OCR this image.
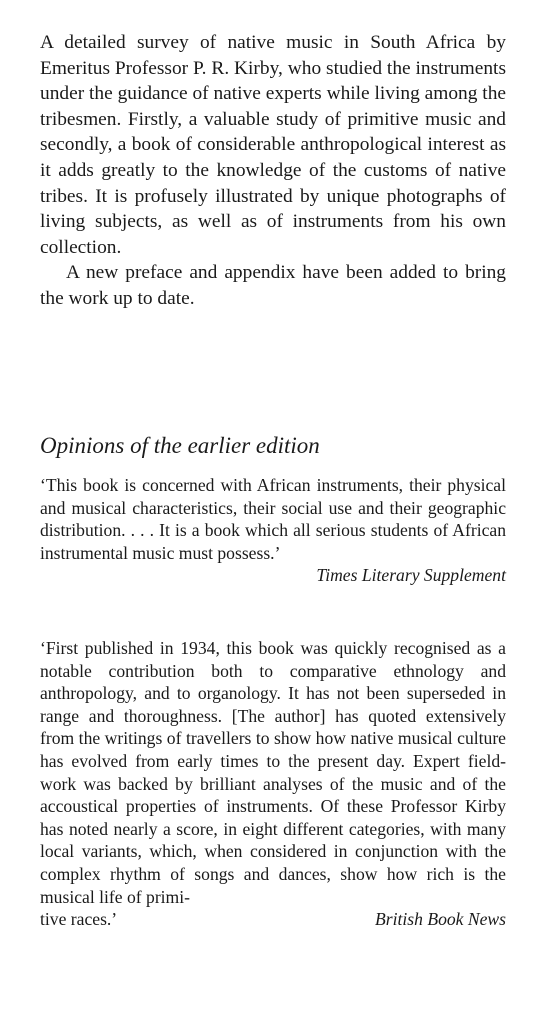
A detailed survey of native music in South Africa by Emeritus Professor P. R. Kirby, who studied the instruments under the guidance of native experts while living among the tribesmen. Firstly, a valuable study of primitive music and secondly, a book of considerable anthropological interest as it adds greatly to the knowledge of the customs of native tribes. It is profusely illustrated by unique photographs of living subjects, as well as of instruments from his own collection.

A new preface and appendix have been added to bring the work up to date.

Opinions of the earlier edition

‘This book is concerned with African instruments, their physical and musical characteristics, their social use and their geographic distribution. . . . It is a book which all serious students of African instrumental music must possess.’

Times Literary Supplement

‘First published in 1934, this book was quickly recognised as a notable contribution both to comparative ethnology and anthropology, and to organology. It has not been superseded in range and thoroughness. [The author] has quoted extensively from the writings of travellers to show how native musical culture has evolved from early times to the present day. Expert field-work was backed by brilliant analyses of the music and of the accoustical properties of instruments. Of these Professor Kirby has noted nearly a score, in eight different categories, with many local variants, which, when considered in conjunction with the complex rhythm of songs and dances, show how rich is the musical life of primi-

tive races.’	British Book News
